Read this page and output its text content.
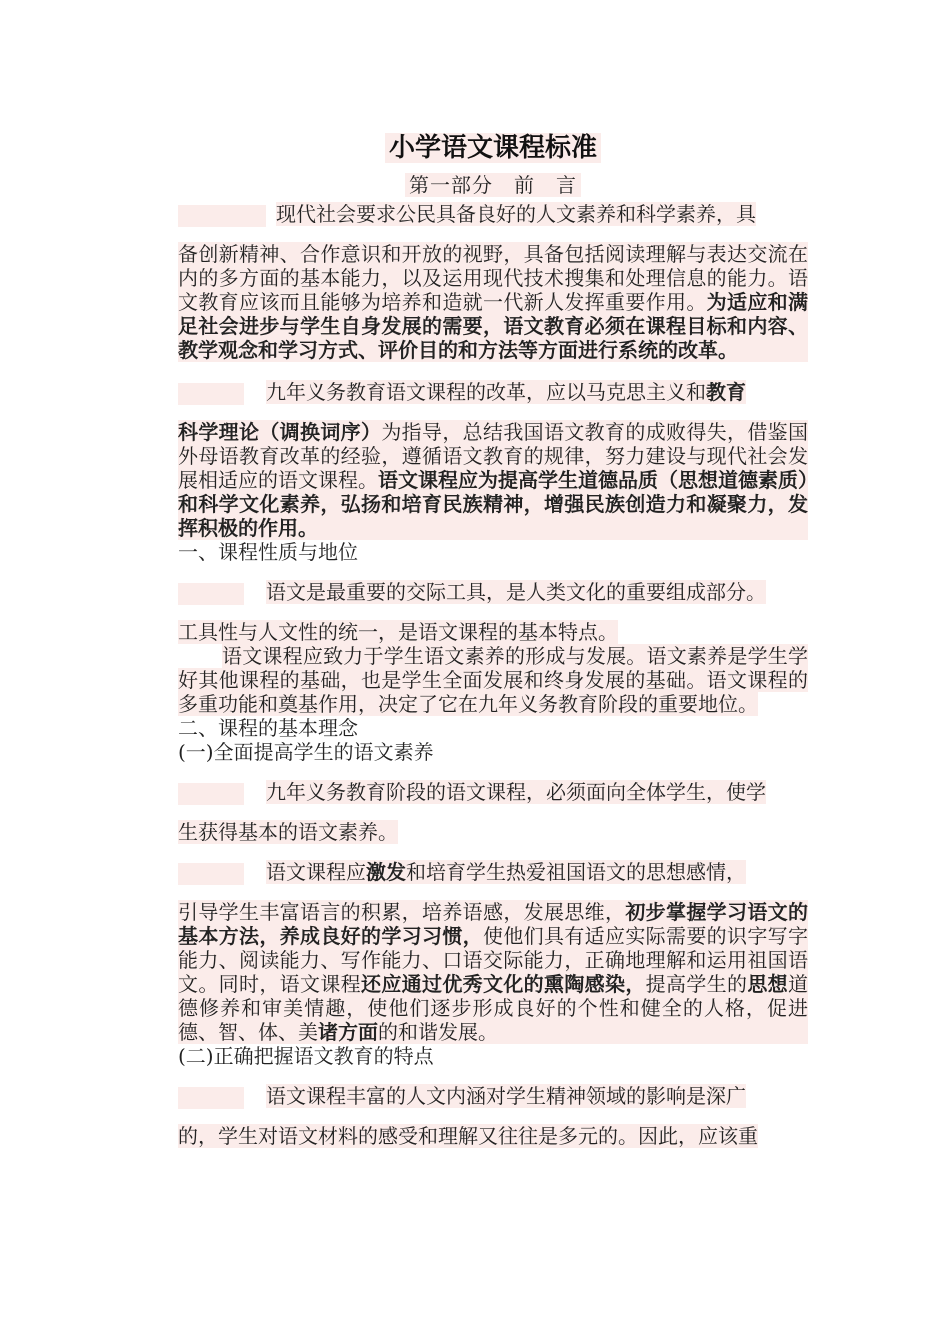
小学语文课程标准
第一部分　前　言
现代社会要求公民具备良好的人文素养和科学素养，具
备创新精神、合作意识和开放的视野，具备包括阅读理解与表达交流在内的多方面的基本能力，以及运用现代技术搜集和处理信息的能力。语文教育应该而且能够为培养和造就一代新人发挥重要作用。为适应和满足社会进步与学生自身发展的需要，语文教育必须在课程目标和内容、教学观念和学习方式、评价目的和方法等方面进行系统的改革。
九年义务教育语文课程的改革，应以马克思主义和教育
科学理论（调换词序）为指导，总结我国语文教育的成败得失，借鉴国外母语教育改革的经验，遵循语文教育的规律，努力建设与现代社会发展相适应的语文课程。语文课程应为提高学生道德品质（思想道德素质）和科学文化素养，弘扬和培育民族精神，增强民族创造力和凝聚力，发挥积极的作用。
一、课程性质与地位
语文是最重要的交际工具，是人类文化的重要组成部分。
工具性与人文性的统一，是语文课程的基本特点。
语文课程应致力于学生语文素养的形成与发展。语文素养是学生学好其他课程的基础，也是学生全面发展和终身发展的基础。语文课程的多重功能和奠基作用，决定了它在九年义务教育阶段的重要地位。
二、课程的基本理念
(一)全面提高学生的语文素养
九年义务教育阶段的语文课程，必须面向全体学生，使学
生获得基本的语文素养。
语文课程应激发和培育学生热爱祖国语文的思想感情，
引导学生丰富语言的积累，培养语感，发展思维，初步掌握学习语文的基本方法，养成良好的学习习惯，使他们具有适应实际需要的识字写字能力、阅读能力、写作能力、口语交际能力，正确地理解和运用祖国语文。同时，语文课程还应通过优秀文化的熏陶感染，提高学生的思想道德修养和审美情趣，使他们逐步形成良好的个性和健全的人格，促进德、智、体、美诸方面的和谐发展。
(二)正确把握语文教育的特点
语文课程丰富的人文内涵对学生精神领域的影响是深广
的，学生对语文材料的感受和理解又往往是多元的。因此，应该重
